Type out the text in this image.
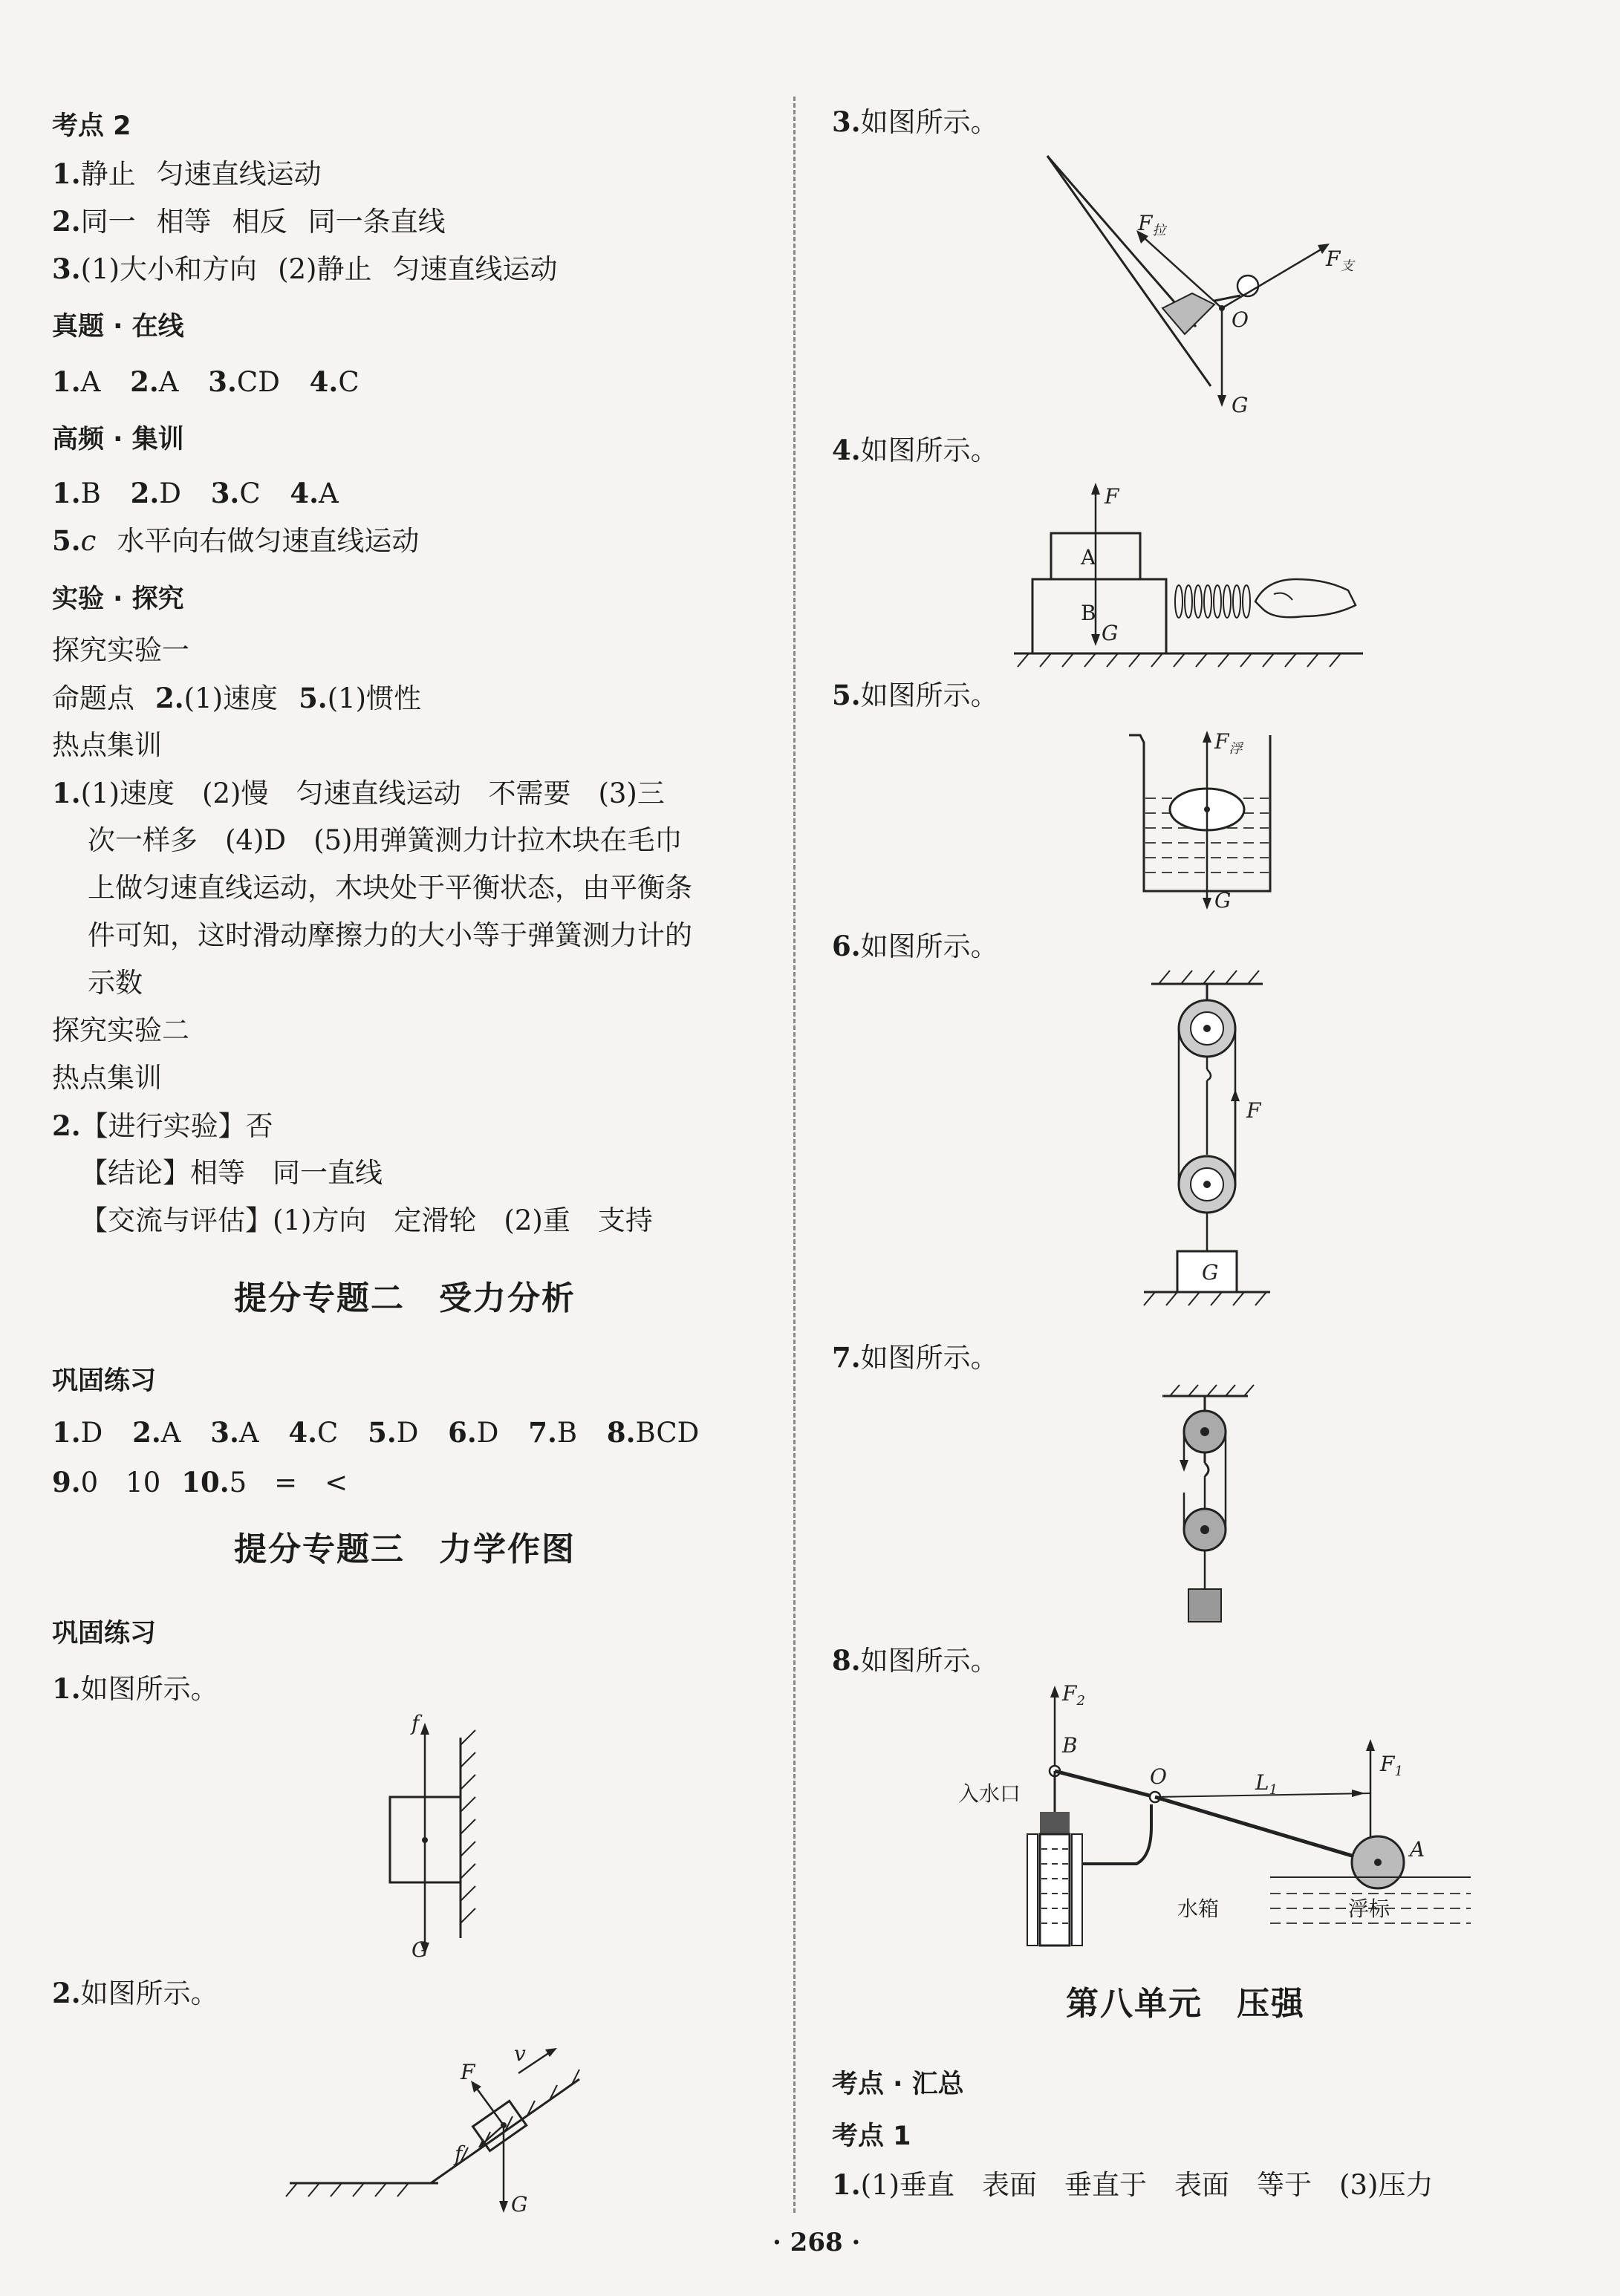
考点 2
1.静止 匀速直线运动
2.同一 相等 相反 同一条直线
3.(1)大小和方向 (2)静止 匀速直线运动
真题 · 在线
1.A 2.A 3.CD 4.C
高频 · 集训
1.B 2.D 3.C 4.A
5.c 水平向右做匀速直线运动
实验 · 探究
探究实验一
命题点 2.(1)速度 5.(1)惯性
热点集训
1.(1)速度　(2)慢　匀速直线运动　不需要　(3)三
次一样多　(4)D　(5)用弹簧测力计拉木块在毛巾
上做匀速直线运动，木块处于平衡状态，由平衡条
件可知，这时滑动摩擦力的大小等于弹簧测力计的
示数
探究实验二
热点集训
2.【进行实验】否
【结论】相等　同一直线
【交流与评估】(1)方向　定滑轮　(2)重　支持
提分专题二　受力分析
巩固练习
1.D 2.A 3.A 4.C 5.D 6.D 7.B 8.BCD
9.0　10 10.5　=　<
提分专题三　力学作图
巩固练习
1.如图所示。
2.如图所示。
f
G
F
v
f
G
3.如图所示。
4.如图所示。
5.如图所示。
6.如图所示。
7.如图所示。
8.如图所示。
第八单元　压强
考点 · 汇总
考点 1
1.(1)垂直　表面　垂直于　表面　等于　(3)压力
$F_拉$
$F_支$
O
G
F
A
B
G
$F_浮$
G
F
G
$F_2$
B
O	$L_1$
$F_1$
A
入水口
水箱	浮标
· 268 ·
